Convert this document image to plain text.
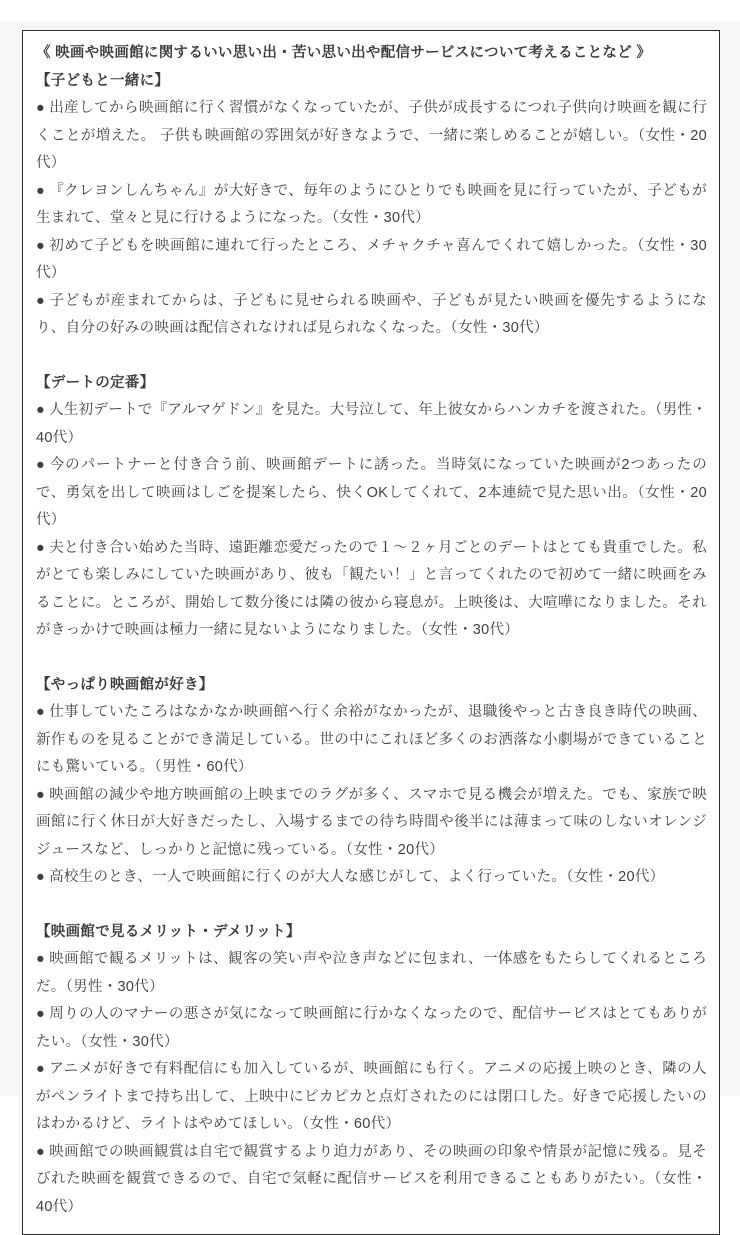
《 映画や映画館に関するいい思い出・苦い思い出や配信サービスについて考えることなど 》
【子どもと一緒に】

● 出産してから映画館に行く習慣がなくなっていたが、子供が成長するにつれ子供向け映画を観に行くことが増えた。 子供も映画館の雰囲気が好きなようで、一緒に楽しめることが嬉しい。（女性・20代）

● 『クレヨンしんちゃん』が大好きで、毎年のようにひとりでも映画を見に行っていたが、子どもが生まれて、堂々と見に行けるようになった。（女性・30代）

● 初めて子どもを映画館に連れて行ったところ、メチャクチャ喜んでくれて嬉しかった。（女性・30代）

● 子どもが産まれてからは、子どもに見せられる映画や、子どもが見たい映画を優先するようになり、自分の好みの映画は配信されなければ見られなくなった。（女性・30代）

【デートの定番】

● 人生初デートで『アルマゲドン』を見た。大号泣して、年上彼女からハンカチを渡された。（男性・40代）

● 今のパートナーと付き合う前、映画館デートに誘った。当時気になっていた映画が2つあったので、勇気を出して映画はしごを提案したら、快くOKしてくれて、2本連続で見た思い出。（女性・20代）

● 夫と付き合い始めた当時、遠距離恋愛だったので１～２ヶ月ごとのデートはとても貴重でした。私がとても楽しみにしていた映画があり、彼も「観たい！」と言ってくれたので初めて一緒に映画をみることに。ところが、開始して数分後には隣の彼から寝息が。上映後は、大喧嘩になりました。それがきっかけで映画は極力一緒に見ないようになりました。（女性・30代）

【やっぱり映画館が好き】

● 仕事していたころはなかなか映画館へ行く余裕がなかったが、退職後やっと古き良き時代の映画、新作ものを見ることができ満足している。世の中にこれほど多くのお洒落な小劇場ができていることにも驚いている。（男性・60代）

● 映画館の減少や地方映画館の上映までのラグが多く、スマホで見る機会が増えた。でも、家族で映画館に行く休日が大好きだったし、入場するまでの待ち時間や後半には薄まって味のしないオレンジジュースなど、しっかりと記憶に残っている。（女性・20代）

● 高校生のとき、一人で映画館に行くのが大人な感じがして、よく行っていた。（女性・20代）

【映画館で見るメリット・デメリット】

● 映画館で観るメリットは、観客の笑い声や泣き声などに包まれ、一体感をもたらしてくれるところだ。（男性・30代）

● 周りの人のマナーの悪さが気になって映画館に行かなくなったので、配信サービスはとてもありがたい。（女性・30代）

● アニメが好きで有料配信にも加入しているが、映画館にも行く。アニメの応援上映のとき、隣の人がペンライトまで持ち出して、上映中にピカピカと点灯されたのには閉口した。好きで応援したいのはわかるけど、ライトはやめてほしい。（女性・60代）

● 映画館での映画観賞は自宅で観賞するより迫力があり、その映画の印象や情景が記憶に残る。見そびれた映画を観賞できるので、自宅で気軽に配信サービスを利用できることもありがたい。（女性・40代）
